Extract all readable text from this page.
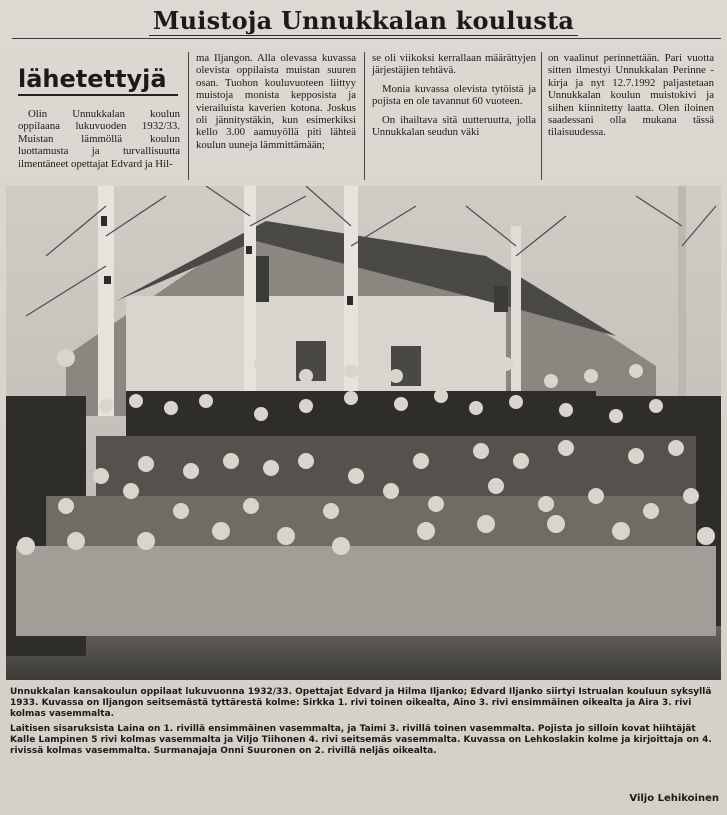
Muistoja Unnukkalan koulusta
lähetettyjä

Olin Unnukkalan koulun oppilaana lukuvuoden 1932/33. Muistan lämmöllä koulun luottamusta ja turvallisuutta ilmentäneet opettajat Edvard ja Hil-

ma Iljangon. Alla olevassa kuvassa olevista oppilaista muistan suuren osan. Tuohon kouluvuoteen liittyy muistoja monista kepposista ja vierailuista kaverien kotona. Joskus oli jännitystäkin, kun esimerkiksi kello 3.00 aamuyöllä piti lähteä koulun uuneja lämmittämään;

se oli viikoksi kerrallaan määrättyjen järjestäjien tehtävä.

Monia kuvassa olevista tytöistä ja pojista en ole tavannut 60 vuoteen.

On ihailtava sitä uutteruutta, jolla Unnukkalan seudun väki

on vaalinut perinnettään. Pari vuotta sitten ilmestyi Unnukkalan Perinne -kirja ja nyt 12.7.1992 paljastetaan Unnukkalan koulun muistokivi ja siihen kiinnitetty laatta. Olen iloinen saadessani olla mukana tässä tilaisuudessa.

Unnukkalan kansakoulun oppilaat lukuvuonna 1932/33. Opettajat Edvard ja Hilma Iljanko; Edvard Iljanko siirtyi Istrualan kouluun syksyllä 1933. Kuvassa on Iljangon seitsemästä tyttärestä kolme: Sirkka 1. rivi toinen oikealta, Aino 3. rivi ensimmäinen oikealta ja Aira 3. rivi kolmas vasemmalta.

Laitisen sisaruksista Laina on 1. rivillä ensimmäinen vasemmalta, ja Taimi 3. rivillä toinen vasemmalta. Pojista jo silloin kovat hiihtäjät Kalle Lampinen 5 rivi kolmas vasemmalta ja Viljo Tiihonen 4. rivi seitsemäs vasemmalta. Kuvassa on Lehkoslakin kolme ja kirjoittaja on 4. rivissä kolmas vasemmalta. Surmanajaja Onni Suuronen on 2. rivillä neljäs oikealta.

Viljo Lehikoinen
